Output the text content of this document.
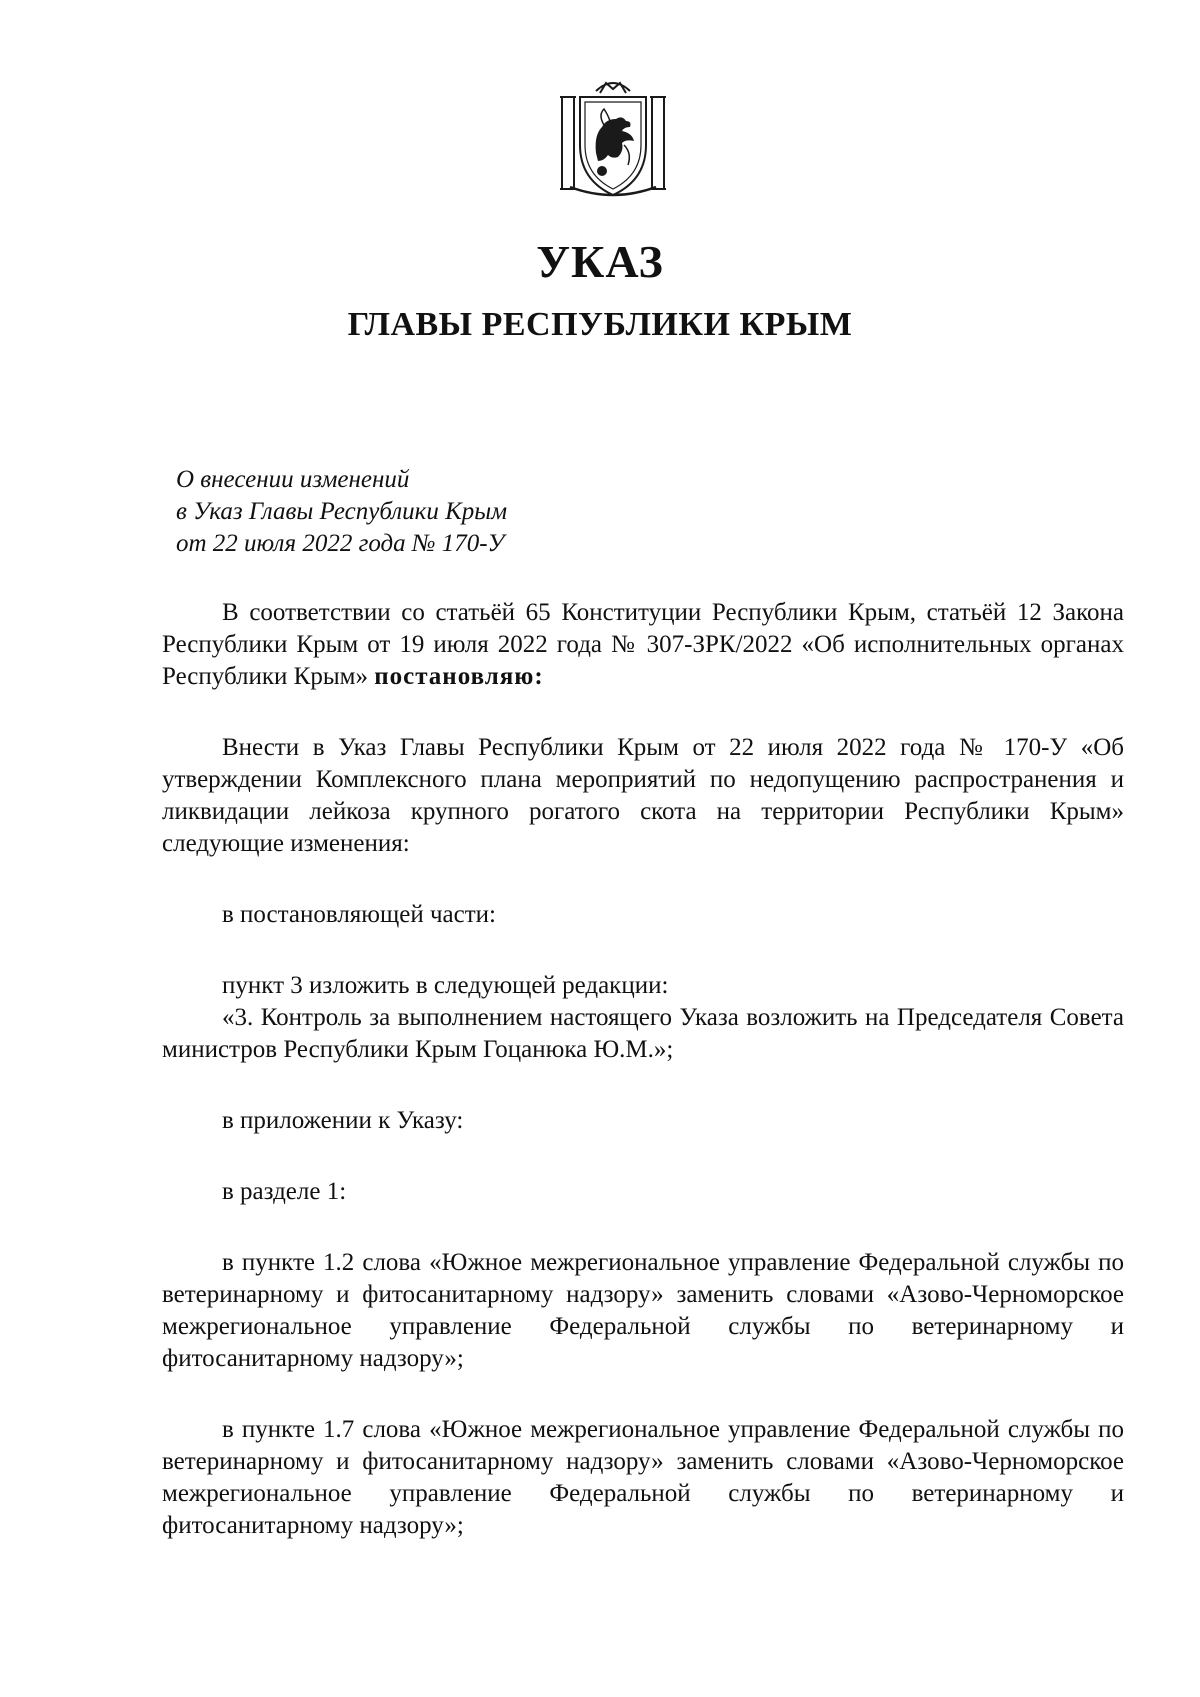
УКАЗ
ГЛАВЫ РЕСПУБЛИКИ КРЫМ
О внесении изменений
в Указ Главы Республики Крым
от 22 июля 2022 года № 170-У

В соответствии со статьёй 65 Конституции Республики Крым, статьёй 12 Закона Республики Крым от 19 июля 2022 года № 307-ЗРК/2022 «Об исполнительных органах Республики Крым» постановляю:

Внести в Указ Главы Республики Крым от 22 июля 2022 года № 170-У «Об утверждении Комплексного плана мероприятий по недопущению распространения и ликвидации лейкоза крупного рогатого скота на территории Республики Крым» следующие изменения:

в постановляющей части:

пункт 3 изложить в следующей редакции:

«3. Контроль за выполнением настоящего Указа возложить на Председателя Совета министров Республики Крым Гоцанюка Ю.М.»;

в приложении к Указу:

в разделе 1:

в пункте 1.2 слова «Южное межрегиональное управление Федеральной службы по ветеринарному и фитосанитарному надзору» заменить словами «Азово-Черноморское межрегиональное управление Федеральной службы по ветеринарному и фитосанитарному надзору»;

в пункте 1.7 слова «Южное межрегиональное управление Федеральной службы по ветеринарному и фитосанитарному надзору» заменить словами «Азово-Черноморское межрегиональное управление Федеральной службы по ветеринарному и фитосанитарному надзору»;
